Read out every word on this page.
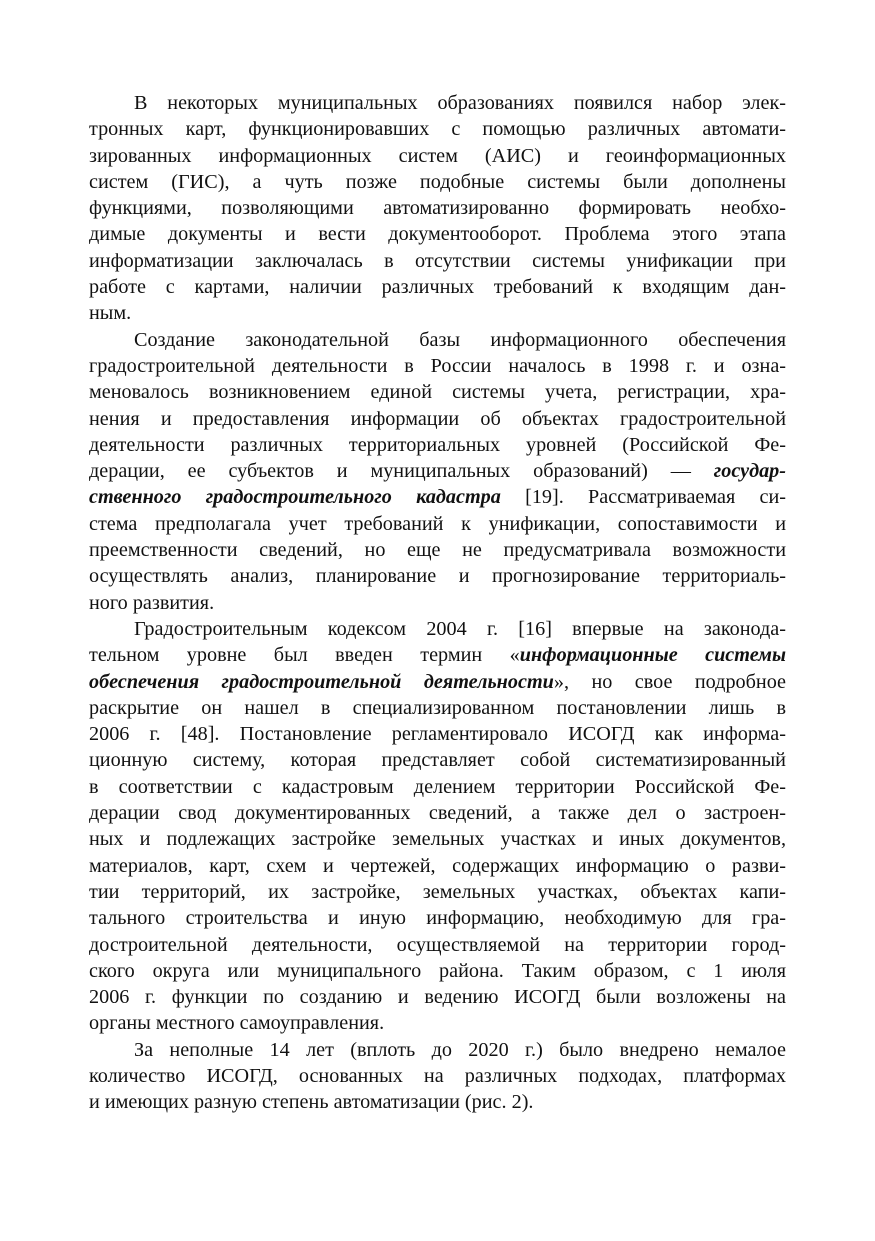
В некоторых муниципальных образованиях появился набор элек-
тронных карт, функционировавших с помощью различных автомати-
зированных информационных систем (АИС) и геоинформационных
систем (ГИС), а чуть позже подобные системы были дополнены
функциями, позволяющими автоматизированно формировать необхо-
димые документы и вести документооборот. Проблема этого этапа
информатизации заключалась в отсутствии системы унификации при
работе с картами, наличии различных требований к входящим дан-
ным.
Создание законодательной базы информационного обеспечения
градостроительной деятельности в России началось в 1998 г. и озна-
меновалось возникновением единой системы учета, регистрации, хра-
нения и предоставления информации об объектах градостроительной
деятельности различных территориальных уровней (Российской Фе-
дерации, ее субъектов и муниципальных образований) — государ-
ственного градостроительного кадастра [19]. Рассматриваемая си-
стема предполагала учет требований к унификации, сопоставимости и
преемственности сведений, но еще не предусматривала возможности
осуществлять анализ, планирование и прогнозирование территориаль-
ного развития.
Градостроительным кодексом 2004 г. [16] впервые на законода-
тельном уровне был введен термин «информационные системы
обеспечения градостроительной деятельности», но свое подробное
раскрытие он нашел в специализированном постановлении лишь в
2006 г. [48]. Постановление регламентировало ИСОГД как информа-
ционную систему, которая представляет собой систематизированный
в соответствии с кадастровым делением территории Российской Фе-
дерации свод документированных сведений, а также дел о застроен-
ных и подлежащих застройке земельных участках и иных документов,
материалов, карт, схем и чертежей, содержащих информацию о разви-
тии территорий, их застройке, земельных участках, объектах капи-
тального строительства и иную информацию, необходимую для гра-
достроительной деятельности, осуществляемой на территории город-
ского округа или муниципального района. Таким образом, с 1 июля
2006 г. функции по созданию и ведению ИСОГД были возложены на
органы местного самоуправления.
За неполные 14 лет (вплоть до 2020 г.) было внедрено немалое
количество ИСОГД, основанных на различных подходах, платформах
и имеющих разную степень автоматизации (рис. 2).
